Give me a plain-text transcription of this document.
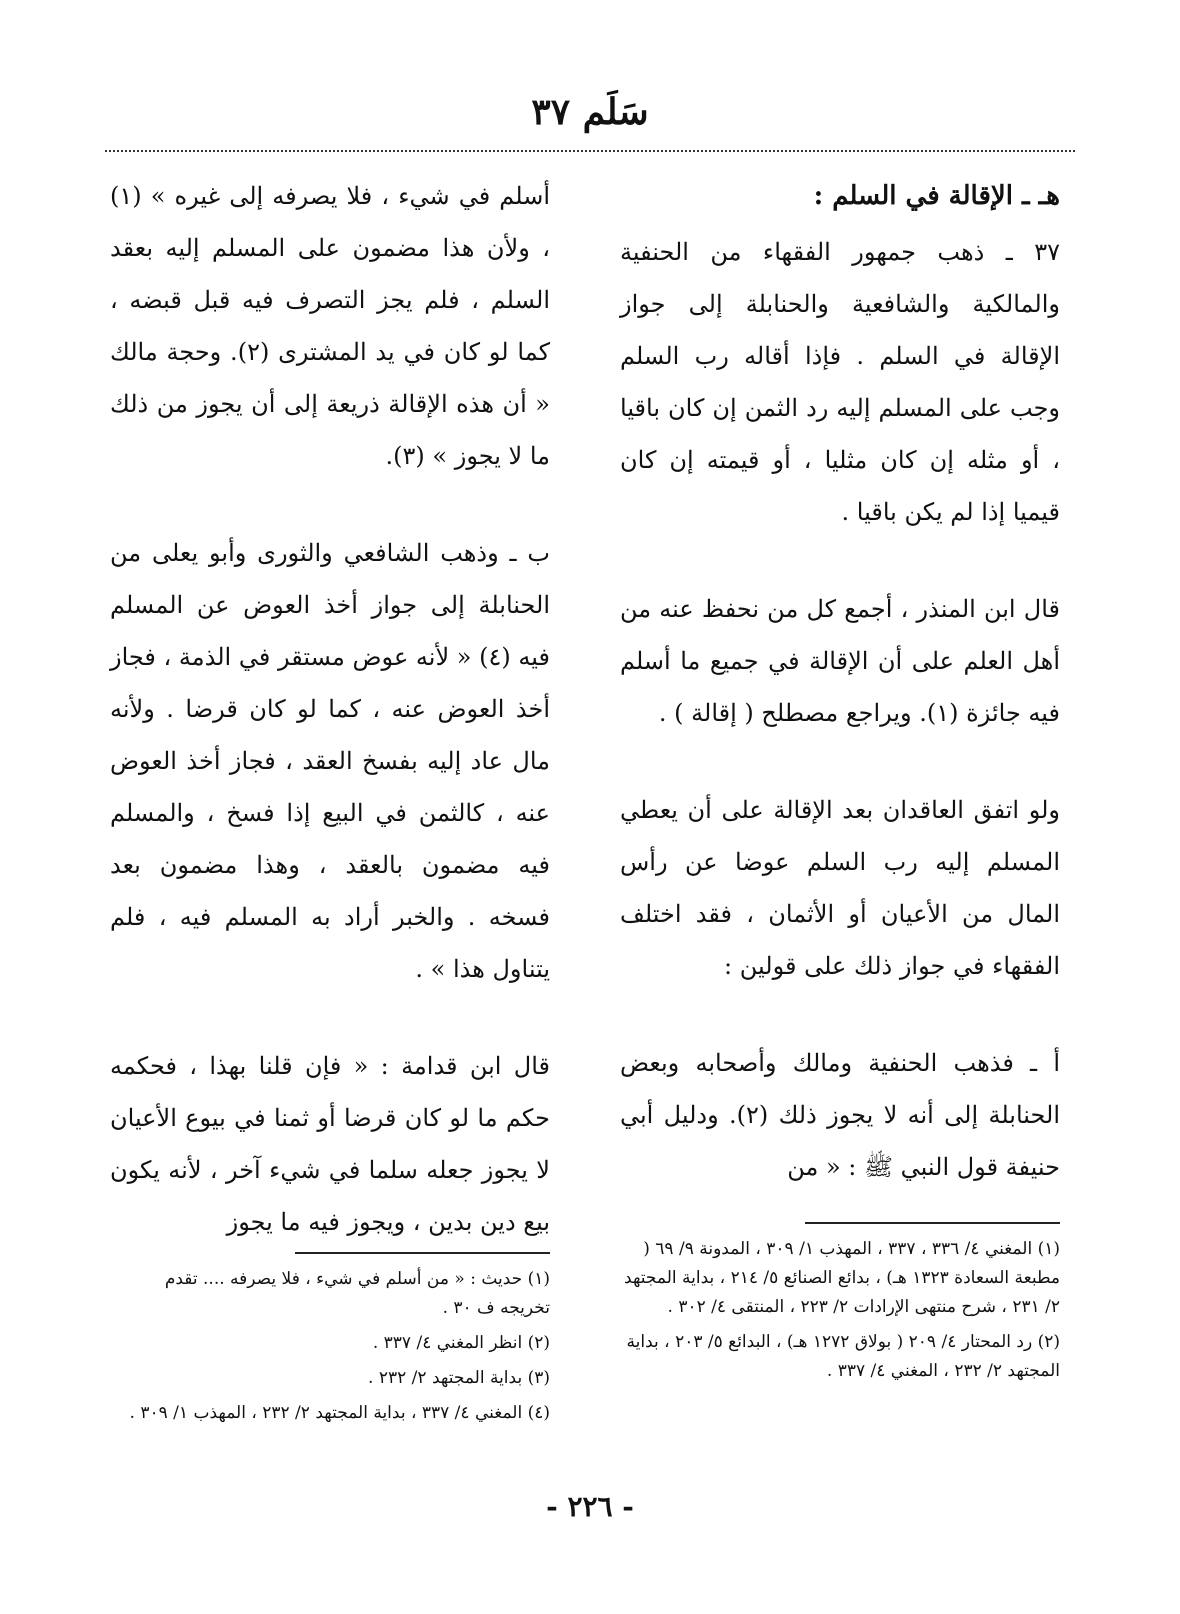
سَلَم ٣٧
هـ ـ الإقالة في السلم :

٣٧ ـ ذهب جمهور الفقهاء من الحنفية والمالكية والشافعية والحنابلة إلى جواز الإقالة في السلم . فإذا أقاله رب السلم وجب على المسلم إليه رد الثمن إن كان باقيا ، أو مثله إن كان مثليا ، أو قيمته إن كان قيميا إذا لم يكن باقيا .

قال ابن المنذر ، أجمع كل من نحفظ عنه من أهل العلم على أن الإقالة في جميع ما أسلم فيه جائزة (١). ويراجع مصطلح ( إقالة ) .

ولو اتفق العاقدان بعد الإقالة على أن يعطي المسلم إليه رب السلم عوضا عن رأس المال من الأعيان أو الأثمان ، فقد اختلف الفقهاء في جواز ذلك على قولين :

أ ـ فذهب الحنفية ومالك وأصحابه وبعض الحنابلة إلى أنه لا يجوز ذلك (٢). ودليل أبي حنيفة قول النبي ﷺ : « من

أسلم في شيء ، فلا يصرفه إلى غيره » (١) ، ولأن هذا مضمون على المسلم إليه بعقد السلم ، فلم يجز التصرف فيه قبل قبضه ، كما لو كان في يد المشترى (٢). وحجة مالك « أن هذه الإقالة ذريعة إلى أن يجوز من ذلك ما لا يجوز » (٣).

ب ـ وذهب الشافعي والثورى وأبو يعلى من الحنابلة إلى جواز أخذ العوض عن المسلم فيه (٤) « لأنه عوض مستقر في الذمة ، فجاز أخذ العوض عنه ، كما لو كان قرضا . ولأنه مال عاد إليه بفسخ العقد ، فجاز أخذ العوض عنه ، كالثمن في البيع إذا فسخ ، والمسلم فيه مضمون بالعقد ، وهذا مضمون بعد فسخه . والخبر أراد به المسلم فيه ، فلم يتناول هذا » .

قال ابن قدامة : « فإن قلنا بهذا ، فحكمه حكم ما لو كان قرضا أو ثمنا في بيوع الأعيان لا يجوز جعله سلما في شيء آخر ، لأنه يكون بيع دين بدين ، ويجوز فيه ما يجوز

(١) المغني ٤/ ٣٣٦ ، ٣٣٧ ، المهذب ١/ ٣٠٩ ، المدونة ٩/ ٦٩ ( مطبعة السعادة ١٣٢٣ هـ) ، بدائع الصنائع ٥/ ٢١٤ ، بداية المجتهد ٢/ ٢٣١ ، شرح منتهى الإرادات ٢/ ٢٢٣ ، المنتقى ٤/ ٣٠٢ .
(٢) رد المحتار ٤/ ٢٠٩ ( بولاق ١٢٧٢ هـ) ، البدائع ٥/ ٢٠٣ ، بداية المجتهد ٢/ ٢٣٢ ، المغني ٤/ ٣٣٧ .
(١) حديث : « من أسلم في شيء ، فلا يصرفه .... تقدم تخريجه ف ٣٠ .
(٢) انظر المغني ٤/ ٣٣٧ .
(٣) بداية المجتهد ٢/ ٢٣٢ .
(٤) المغني ٤/ ٣٣٧ ، بداية المجتهد ٢/ ٢٣٢ ، المهذب ١/ ٣٠٩ .
- ٢٢٦ -
